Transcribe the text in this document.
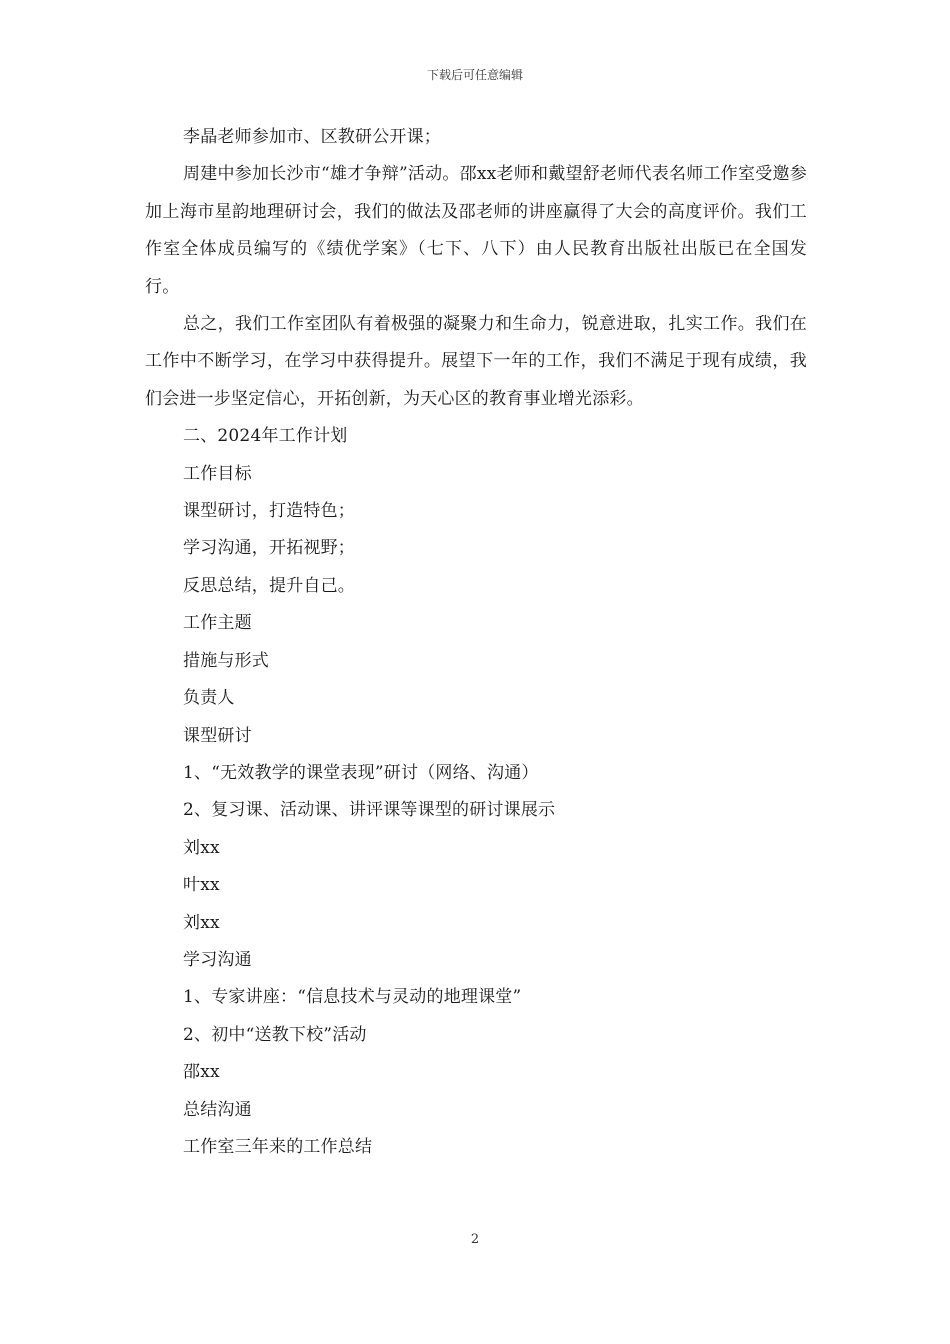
下载后可任意编辑

李晶老师参加市、区教研公开课；

周建中参加长沙市“雄才争辩”活动。邵xx老师和戴望舒老师代表名师工作室受邀参加上海市星韵地理研讨会，我们的做法及邵老师的讲座赢得了大会的高度评价。我们工作室全体成员编写的《绩优学案》（七下、八下）由人民教育出版社出版已在全国发行。

总之，我们工作室团队有着极强的凝聚力和生命力，锐意进取，扎实工作。我们在工作中不断学习，在学习中获得提升。展望下一年的工作，我们不满足于现有成绩，我们会进一步坚定信心，开拓创新，为天心区的教育事业增光添彩。

二、2024年工作计划

工作目标

课型研讨，打造特色；

学习沟通，开拓视野；

反思总结，提升自己。

工作主题

措施与形式

负责人

课型研讨

1、“无效教学的课堂表现”研讨（网络、沟通）

2、复习课、活动课、讲评课等课型的研讨课展示

刘xx

叶xx

刘xx

学习沟通

1、专家讲座：“信息技术与灵动的地理课堂”

2、初中“送教下校”活动

邵xx

总结沟通

工作室三年来的工作总结

2
